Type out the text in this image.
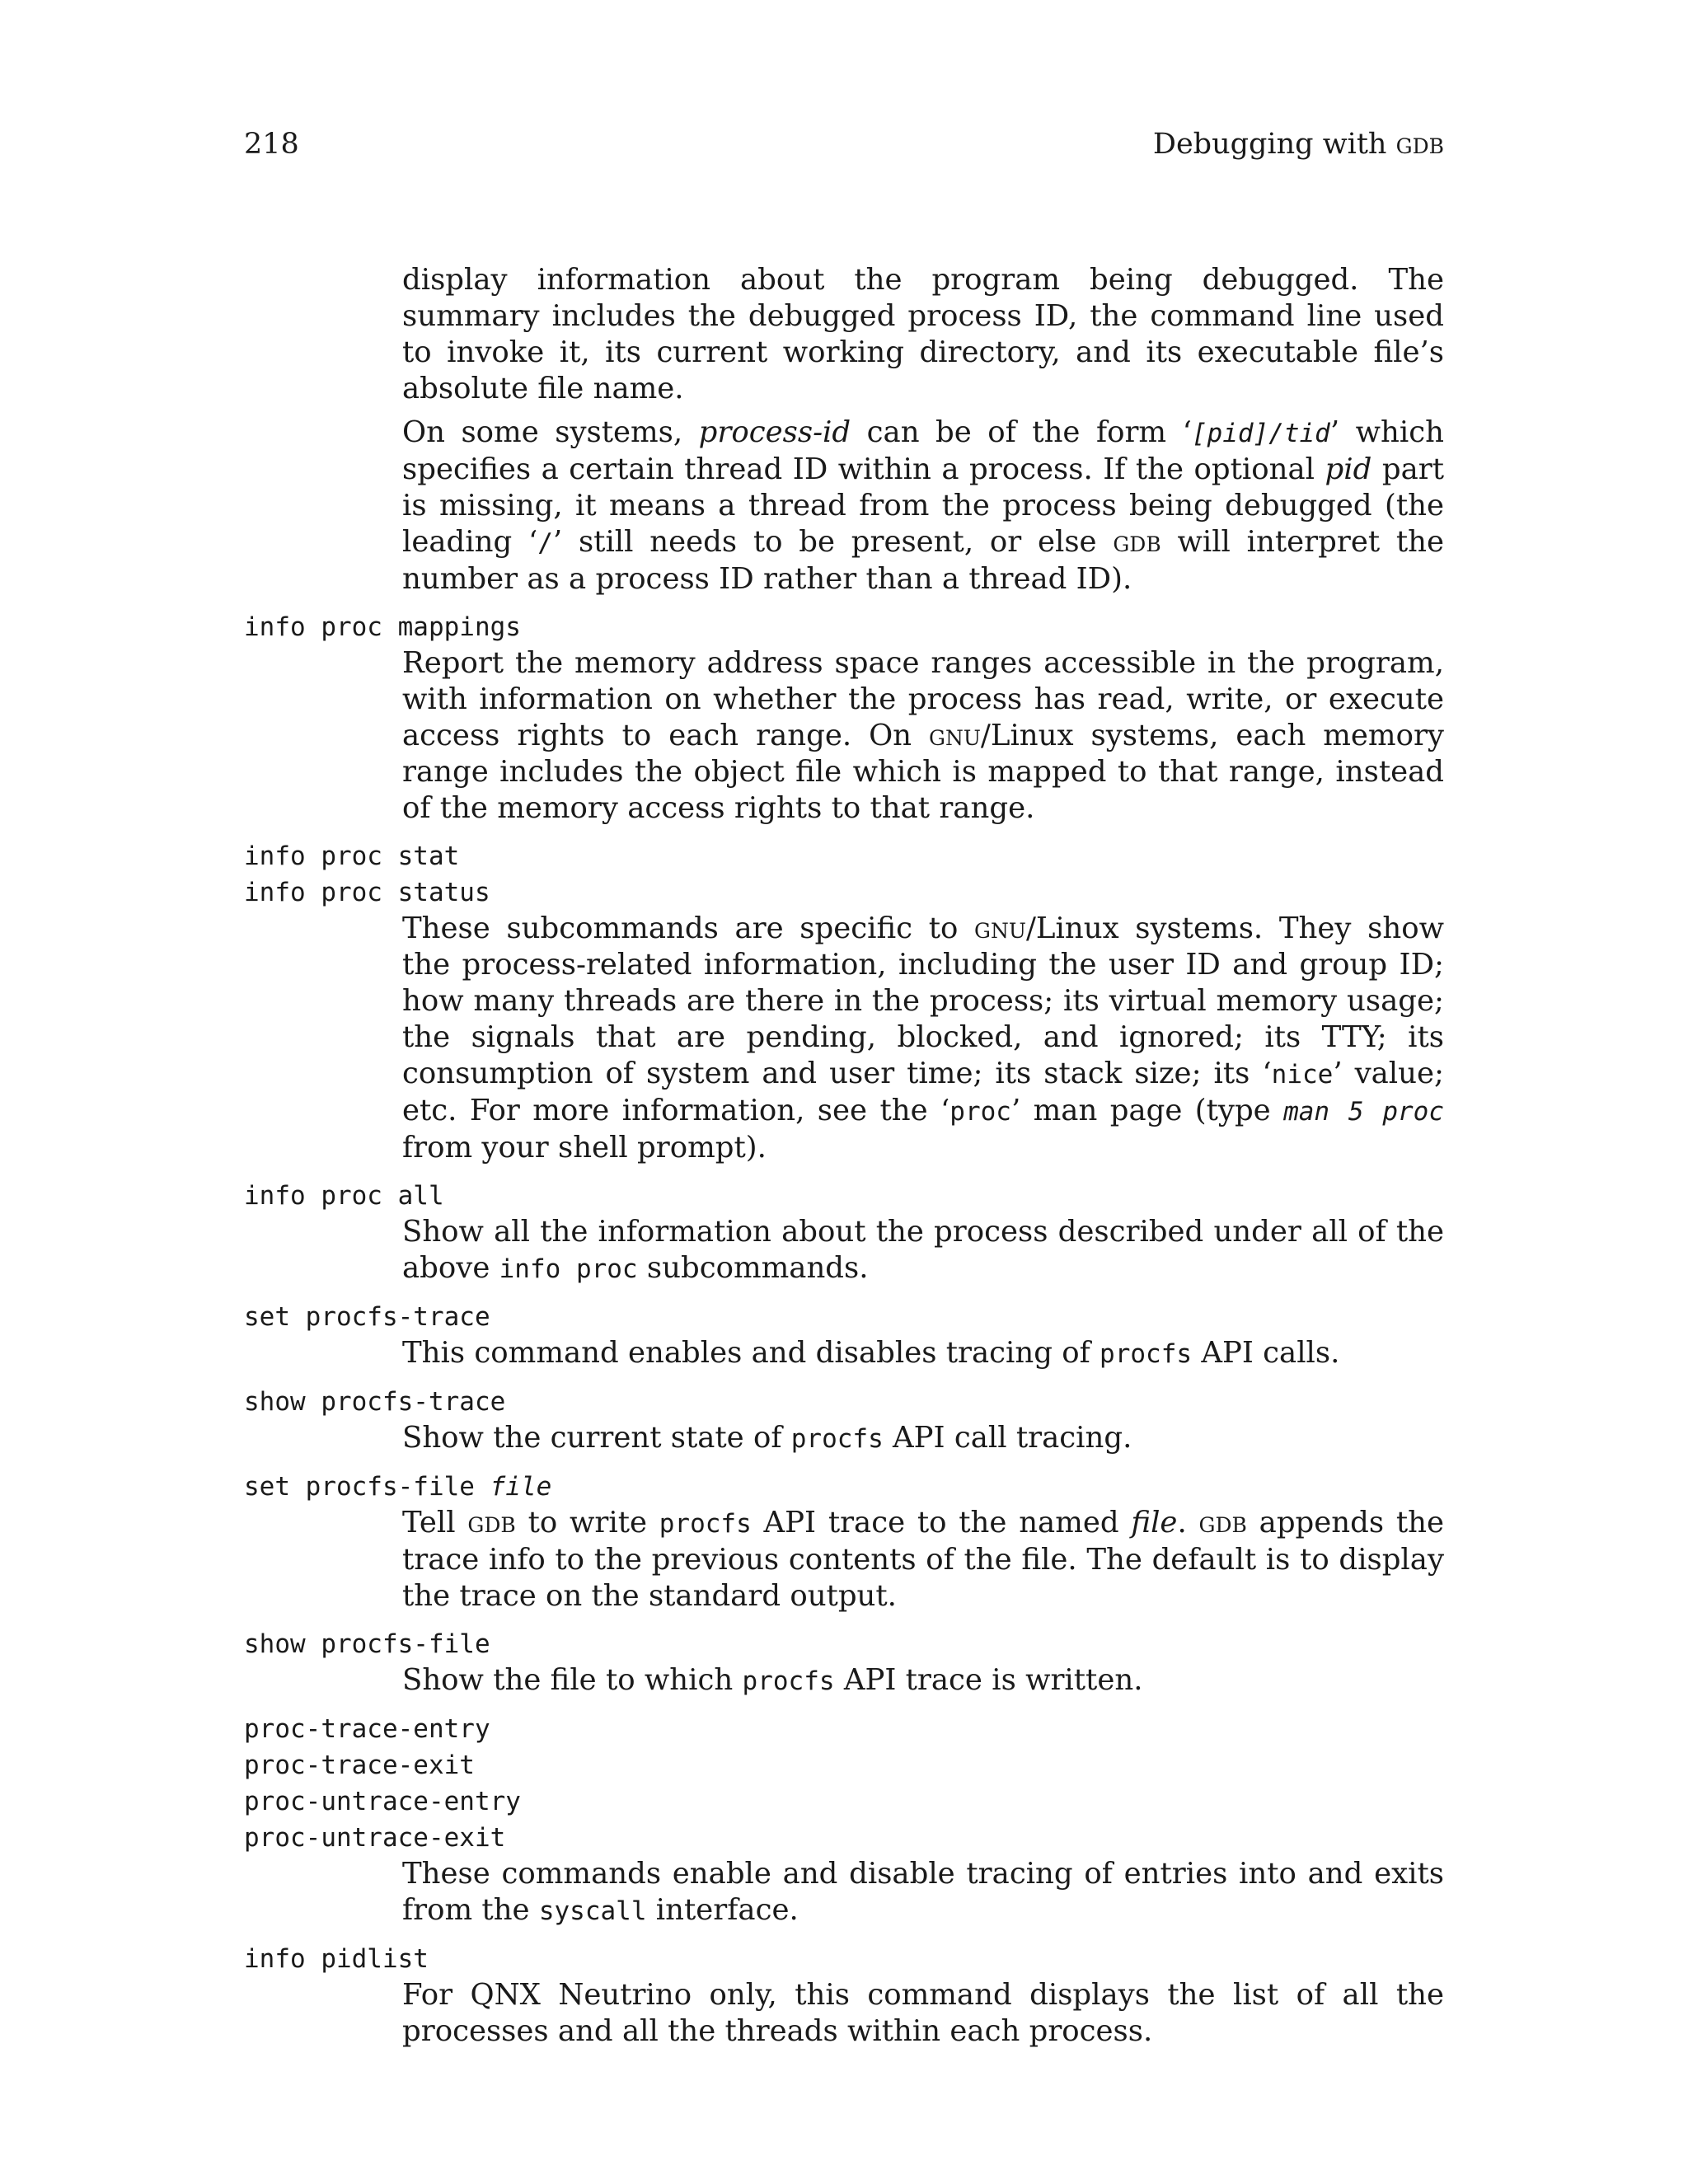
218	Debugging with gdb

display information about the program being debugged. The summary includes the debugged process ID, the command line used to invoke it, its current working directory, and its executable file’s absolute file name.

On some systems, process-id can be of the form ‘[pid]/tid’ which specifies a certain thread ID within a process. If the optional pid part is missing, it means a thread from the process being debugged (the leading ‘/’ still needs to be present, or else gdb will interpret the number as a process ID rather than a thread ID).

info proc mappings

Report the memory address space ranges accessible in the program, with information on whether the process has read, write, or execute access rights to each range. On gnu/Linux systems, each memory range includes the object file which is mapped to that range, instead of the memory access rights to that range.

info proc stat

info proc status

These subcommands are specific to gnu/Linux systems. They show the process-related information, including the user ID and group ID; how many threads are there in the process; its virtual memory usage; the signals that are pending, blocked, and ignored; its TTY; its consumption of system and user time; its stack size; its ‘nice’ value; etc. For more information, see the ‘proc’ man page (type man 5 proc from your shell prompt).

info proc all

Show all the information about the process described under all of the above info proc subcommands.

set procfs-trace

This command enables and disables tracing of procfs API calls.

show procfs-trace

Show the current state of procfs API call tracing.

set procfs-file file

Tell gdb to write procfs API trace to the named file. gdb appends the trace info to the previous contents of the file. The default is to display the trace on the standard output.

show procfs-file

Show the file to which procfs API trace is written.

proc-trace-entry

proc-trace-exit

proc-untrace-entry

proc-untrace-exit

These commands enable and disable tracing of entries into and exits from the syscall interface.

info pidlist

For QNX Neutrino only, this command displays the list of all the processes and all the threads within each process.
